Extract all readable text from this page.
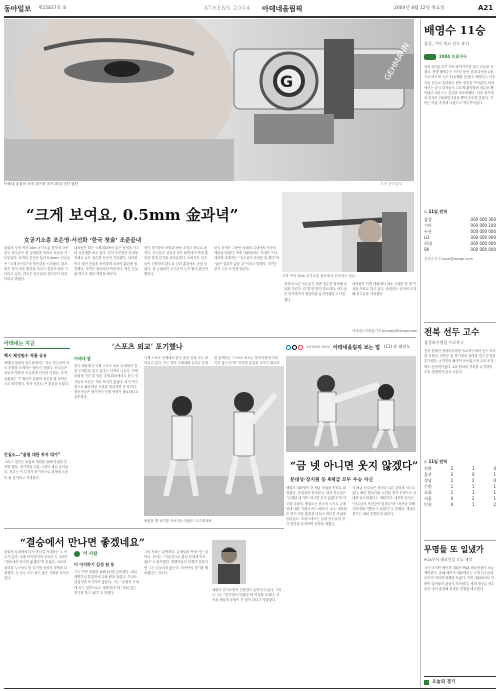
동아일보 제25837호 ②	ATHENS 2004 아테네올림픽	2004년 8월 12일 목요일	A21
G	GEHMANN
아테네 올림픽 사격 경기장 표적 확대 사진 캡션	사진 동아일보
배영수 11승
삼성, 기아 꺾고 선두 유지
2004 프로야구
삼성 라이온즈가 기아 타이거즈를 꺾고 선두를 지켰다. 선발 배영수는 7이닝 동안 상대 타선을 1점으로 막으며 시즌 11승째를 올렸다. 배영수는 다승 공동 선두로 올라섰고 팀은 연승을 이어갔다. 타선에서는 중심 타자들이 고르게 활약하며 점수를 뽑아냈고 마운드는 실점을 최소화했다. 이날 경기에서 삼성은 7회에만 3점을 뽑아 승부를 갈랐다. 기아는 막판 추격에 나섰으나 역부족이었다.
◇ 11일 전적
삼성	000 000 300
기아	000 000 100
두산	000 000 000
LG	000 000 000
현대	000 000 000
SK	000 000 000
김상수기자 ssoo@donga.com
“크게 보여요, 0.5mm 金과녁”
사격 여자 10m 공기소총 결선에서 조준하는 선수.
女공기소총 조은영·서선화 ‘한국 첫金’ 조준끝내
올림픽 사격 여자 10m 공기소총 경기에 나선 한국 선수들은 첫 금메달을 목표로 조준을 가다듬었다. 표적의 중심은 불과 0.5mm. 선수들은 “크게 보인다”며 자신감을 드러냈다. 대표팀은 현지 적응 훈련을 마치고 결전의 날을 기다리고 있다. 감독은 선수들의 컨디션이 최상이라고 밝혔다.
대표팀은 최근 국제대회에서 좋은 성적을 거두며 상승세를 타고 있다. 특히 조은영은 안정된 자세로 높은 점수를 꾸준히 기록했다. 서선화 역시 결선 진출을 자신하며 마지막 훈련에 집중했다. 사격은 집중력의 싸움이다. 작은 흔들림 하나가 메달 색깔을 바꾼다.
현지 경기장의 조명과 바람 조건도 변수로 꼽힌다. 선수들은 실전과 같은 환경에서 반복 훈련을 하며 감각을 끌어올렸다. 코치진은 선수들이 긴장하지 않도록 심리 훈련에도 공을 들였다. 첫 금메달의 주인공이 누가 될지 관심이 쏠린다.
한국 사격은 그동안 올림픽 무대에서 꾸준히 메달을 따냈다. 이번 대회에서도 기대가 크다. 대표팀 관계자는 “선수들이 준비를 잘 했다”며 “좋은 결과가 있을 것”이라고 말했다. 경기는 현지 시간 오전에 열린다.
결선에 오른 선수들은 최종 점수를 합산해 순위를 가린다. 한 발 한 발이 중요하다. 선수들은 마지막까지 집중력을 유지하겠다고 다짐했다.
대표팀은 이번 대회에서 최소 금메달 한 개 이상을 목표로 하고 있다. 응원단도 현지에 도착해 선수들을 격려했다.
아테네=이원홍기자 bluesky@donga.com
아테네는 지금
핵시 체성원수 작품 공유
아테네 올림픽 선수촌에서는 각국 선수들이 자국 문화를 소개하는 행사가 열렸다. 선수들은 서로의 작품을 공유하며 친목을 다졌다. 조직위원회는 이 행사가 올림픽 정신을 잘 보여준다고 평가했다. 현지 언론도 큰 관심을 보였다.
간실소...“올림 대한 투자 대가”
그리스 정부는 올림픽 개최를 위해 막대한 투자를 했다. 경기장과 교통 시설이 새로 들어섰다. 정부는 이 투자가 장기적으로 경제에 도움이 될 것이라고 기대한다.
‘스포츠 외교’ 포기했나
아테네 발
한국 체육계가 국제 스포츠 외교 무대에서 점점 존재감을 잃고 있다는 지적이 나온다. 이번 올림픽 기간 중 열린 국제 회의에서도 한국 인사들의 모습은 거의 보이지 않았다. 과거 적극적으로 활동하던 시절과 비교하면 큰 차이다. 전문가들은 장기적인 인재 양성이 필요하다고 강조한다.
국제 스포츠 단체에서 한국 출신 임원 수도 줄어들고 있다. 이는 향후 국제대회 유치나 규정
한 관계자는 “스포츠 외교는 하루아침에 이뤄지지 않는다”며 “꾸준한 관심과 투자가 필요하
ATHENS 2004 아테네올림픽 보는 법 (11) 유 태권도
날렵한 발 차기를 선보이는 태권도 국가대표팀
“금 넷 아니면 웃지 않겠다”
문대성·장지원 등 4체급 모두 우승 자신
태권도 대표팀이 전 체급 석권을 목표로 내걸었다. 문대성과 장지원 등 대표 선수들은 “금메달 네 개가 아니면 웃지 않겠다”며 각오를 다졌다. 태권도는 한국의 국기로 금메달에 대한 기대가 어느 때보다 크다. 대표팀은 현지 적응 훈련을 마치고 컨디션 조절에 들어갔다. 코칭스태프는 상대 선수들의 경기 영상을 분석하며 전략을 세웠다.
각 체급 선수들은 저마다 다른 강점을 지니고 있다. 빠른 발차기와 노련한 경기 운영으로 상대를 압도하겠다는 계획이다. 대표팀 감독은 “선수들의 자신감이 넘친다”며 “최선을 다해 국민에게 기쁨을 드리겠다”고 말했다. 태권도 경기는 대회 후반부에 열린다.
“결승에서 만나면 좋겠네요”
올림픽 무대에서 다시 만나길 기대하는 두 선수가 있다. 오랜 라이벌이자 동료인 두 사람은 “결승에서 만나면 좋겠다”며 웃었다. 서로의 실력을 누구보다 잘 알기에 선의의 경쟁을 다짐했다. 두 선수 모두 최근 좋은 기량을 보이고 있다.
이 사람
이 어지하기 김성 원 동
그는 이번 대회를 위해 4년을 준비했다. 매일 새벽부터 훈련장에 나와 땀을 흘렸다. 부상도 있었지만 포기하지 않았다. 그는 “올림픽 무대에 서는 것만으로도 행복하다”며 “후회 없는 경기를 하고 싶다”고 말했다.
그의 목표는 분명하다. 금메달을 목에 거는 것이다. 코치는 “기술적으로 완성 단계에 이르렀다”고 평가했다. 경쟁자들의 견제가 심하지만 그는 흔들리지 않는다. 자신만의 경기를 펼치겠다는 각오다.
대회가 다가오면서 긴장감도 높아지고 있다. 그러나 그는 “즐기면서 하겠다”며 여유를 보였다. 가족과 팬들의 응원이 큰 힘이 된다고 덧붙였다.
전북 선두 고수
삼성하우젠컵 프로축구
전북 현대가 삼성하우젠컵 프로축구에서 선두 자리를 지켰다. 전북은 홈 경기에서 상대를 꺾고 승점을 추가했다. 공격진의 활약이 돋보였으며 수비 조직력도 안정적이었다. 2위 팀과의 격차를 유지하며 우승 경쟁에서 앞서 나갔다.
◇ 11일 전적
전북	2	1	0
울산	2	0	1
성남	1	2	0
수원	1	1	1
포항	1	1	1
서울	0	2	1
인천	0	1	2
무명들 또 일냈가
PGA투어 챔피언십 오늘 개막
시즌 마지막 메이저 대회인 PGA 챔피언십이 오늘 개막한다. 올해 메이저 대회에서는 무명 선수들의 우승이 이어져 화제를 모았다. 이번 대회에서도 이변이 일어날지 관심이 모아진다. 세계 정상급 선수들이 대거 출전해 치열한 경쟁을 예고했다.
오늘의 경기
